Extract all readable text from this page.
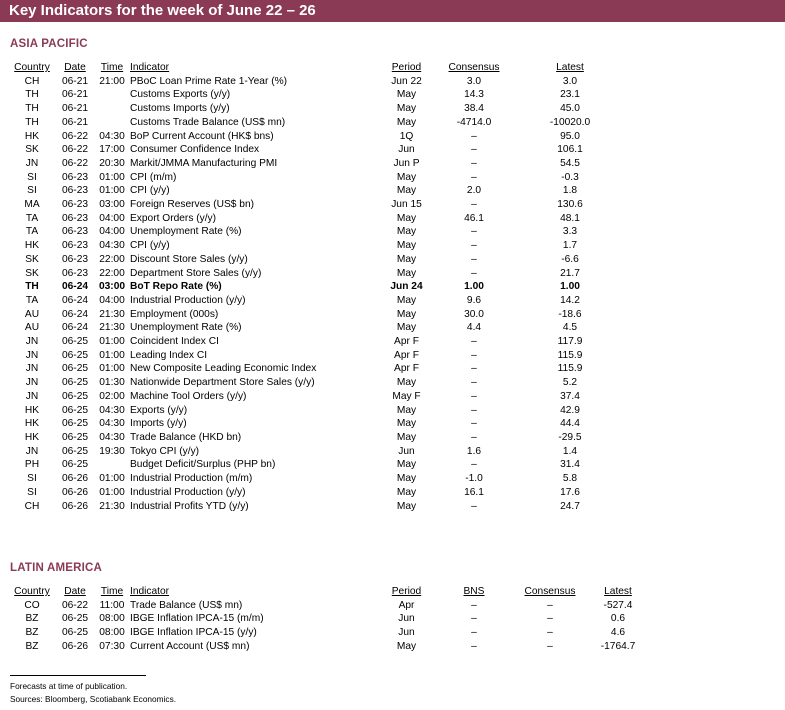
Key Indicators for the week of June 22 – 26
ASIA PACIFIC
Country	Date	Time	Indicator	Period	Consensus	Latest
CH	06-21	21:00	PBoC Loan Prime Rate 1-Year (%)	Jun 22	3.0	3.0
TH	06-21		Customs Exports (y/y)	May	14.3	23.1
TH	06-21		Customs Imports (y/y)	May	38.4	45.0
TH	06-21		Customs Trade Balance (US$ mn)	May	-4714.0	-10020.0
HK	06-22	04:30	BoP Current Account (HK$ bns)	1Q	–	95.0
SK	06-22	17:00	Consumer Confidence Index	Jun	–	106.1
JN	06-22	20:30	Markit/JMMA Manufacturing PMI	Jun P	–	54.5
SI	06-23	01:00	CPI (m/m)	May	–	-0.3
SI	06-23	01:00	CPI (y/y)	May	2.0	1.8
MA	06-23	03:00	Foreign Reserves (US$ bn)	Jun 15	–	130.6
TA	06-23	04:00	Export Orders (y/y)	May	46.1	48.1
TA	06-23	04:00	Unemployment Rate (%)	May	–	3.3
HK	06-23	04:30	CPI (y/y)	May	–	1.7
SK	06-23	22:00	Discount Store Sales (y/y)	May	–	-6.6
SK	06-23	22:00	Department Store Sales (y/y)	May	–	21.7
TH	06-24	03:00	BoT Repo Rate (%)	Jun 24	1.00	1.00
TA	06-24	04:00	Industrial Production (y/y)	May	9.6	14.2
AU	06-24	21:30	Employment (000s)	May	30.0	-18.6
AU	06-24	21:30	Unemployment Rate (%)	May	4.4	4.5
JN	06-25	01:00	Coincident Index CI	Apr F	–	117.9
JN	06-25	01:00	Leading Index CI	Apr F	–	115.9
JN	06-25	01:00	New Composite Leading Economic Index	Apr F	–	115.9
JN	06-25	01:30	Nationwide Department Store Sales (y/y)	May	–	5.2
JN	06-25	02:00	Machine Tool Orders (y/y)	May F	–	37.4
HK	06-25	04:30	Exports (y/y)	May	–	42.9
HK	06-25	04:30	Imports (y/y)	May	–	44.4
HK	06-25	04:30	Trade Balance (HKD bn)	May	–	-29.5
JN	06-25	19:30	Tokyo CPI (y/y)	Jun	1.6	1.4
PH	06-25		Budget Deficit/Surplus (PHP bn)	May	–	31.4
SI	06-26	01:00	Industrial Production (m/m)	May	-1.0	5.8
SI	06-26	01:00	Industrial Production (y/y)	May	16.1	17.6
CH	06-26	21:30	Industrial Profits YTD (y/y)	May	–	24.7
LATIN AMERICA
Country	Date	Time	Indicator	Period	BNS	Consensus	Latest
CO	06-22	11:00	Trade Balance (US$ mn)	Apr	–	–	-527.4
BZ	06-25	08:00	IBGE Inflation IPCA-15 (m/m)	Jun	–	–	0.6
BZ	06-25	08:00	IBGE Inflation IPCA-15 (y/y)	Jun	–	–	4.6
BZ	06-26	07:30	Current Account (US$ mn)	May	–	–	-1764.7
Forecasts at time of publication.
Sources: Bloomberg, Scotiabank Economics.
